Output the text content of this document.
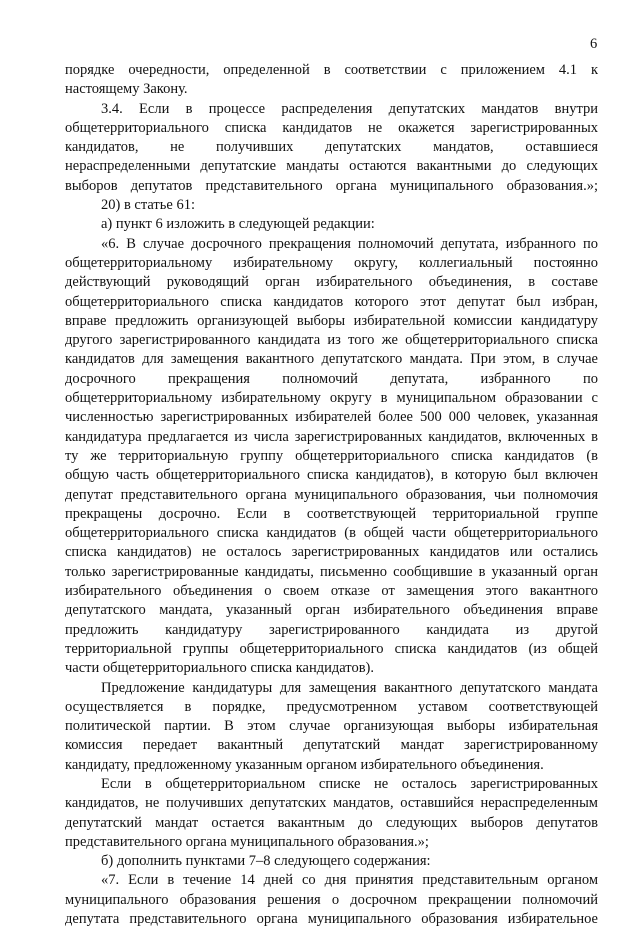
6
порядке очередности, определенной в соответствии с приложением 4.1 к
настоящему Закону.
3.4. Если в процессе распределения депутатских мандатов внутри
общетерриториального списка кандидатов не окажется зарегистрированных
кандидатов, не получивших депутатских мандатов, оставшиеся
нераспределенными депутатские мандаты остаются вакантными до следующих
выборов депутатов представительного органа муниципального образования.»;
20) в статье 61:
а) пункт 6 изложить в следующей редакции:
«6. В случае досрочного прекращения полномочий депутата, избранного по
общетерриториальному избирательному округу, коллегиальный постоянно
действующий руководящий орган избирательного объединения, в составе
общетерриториального списка кандидатов которого этот депутат был избран,
вправе предложить организующей выборы избирательной комиссии кандидатуру
другого зарегистрированного кандидата из того же общетерриториального списка
кандидатов для замещения вакантного депутатского мандата. При этом, в случае
досрочного прекращения полномочий депутата, избранного по
общетерриториальному избирательному округу в муниципальном образовании с
численностью зарегистрированных избирателей более 500 000 человек, указанная
кандидатура предлагается из числа зарегистрированных кандидатов, включенных в
ту же территориальную группу общетерриториального списка кандидатов (в
общую часть общетерриториального списка кандидатов), в которую был включен
депутат представительного органа муниципального образования, чьи полномочия
прекращены досрочно. Если в соответствующей территориальной группе
общетерриториального списка кандидатов (в общей части общетерриториального
списка кандидатов) не осталось зарегистрированных кандидатов или остались
только зарегистрированные кандидаты, письменно сообщившие в указанный орган
избирательного объединения о своем отказе от замещения этого вакантного
депутатского мандата, указанный орган избирательного объединения вправе
предложить кандидатуру зарегистрированного кандидата из другой
территориальной группы общетерриториального списка кандидатов (из общей
части общетерриториального списка кандидатов).
Предложение кандидатуры для замещения вакантного депутатского мандата
осуществляется в порядке, предусмотренном уставом соответствующей
политической партии. В этом случае организующая выборы избирательная
комиссия передает вакантный депутатский мандат зарегистрированному
кандидату, предложенному указанным органом избирательного объединения.
Если в общетерриториальном списке не осталось зарегистрированных
кандидатов, не получивших депутатских мандатов, оставшийся нераспределенным
депутатский мандат остается вакантным до следующих выборов депутатов
представительного органа муниципального образования.»;
б) дополнить пунктами 7–8 следующего содержания:
«7. Если в течение 14 дней со дня принятия представительным органом
муниципального образования решения о досрочном прекращении полномочий
депутата представительного органа муниципального образования избирательное
